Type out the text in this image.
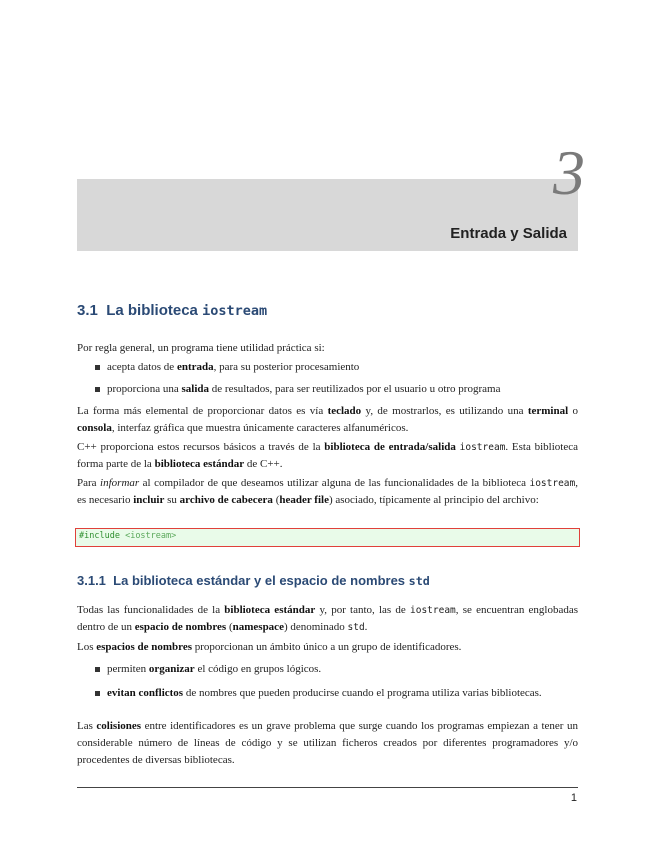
3
Entrada y Salida
3.1 La biblioteca iostream
Por regla general, un programa tiene utilidad práctica si:
acepta datos de entrada, para su posterior procesamiento
proporciona una salida de resultados, para ser reutilizados por el usuario u otro programa
La forma más elemental de proporcionar datos es vía teclado y, de mostrarlos, es utilizando una terminal o consola, interfaz gráfica que muestra únicamente caracteres alfanuméricos.
C++ proporciona estos recursos básicos a través de la biblioteca de entrada/salida iostream. Esta biblioteca forma parte de la biblioteca estándar de C++.
Para informar al compilador de que deseamos utilizar alguna de las funcionalidades de la biblioteca iostream, es necesario incluir su archivo de cabecera (header file) asociado, típicamente al principio del archivo:
#include <iostream>
3.1.1 La biblioteca estándar y el espacio de nombres std
Todas las funcionalidades de la biblioteca estándar y, por tanto, las de iostream, se encuentran englobadas dentro de un espacio de nombres (namespace) denominado std.
Los espacios de nombres proporcionan un ámbito único a un grupo de identificadores.
permiten organizar el código en grupos lógicos.
evitan conflictos de nombres que pueden producirse cuando el programa utiliza varias bibliotecas.
Las colisiones entre identificadores es un grave problema que surge cuando los programas empiezan a tener un considerable número de líneas de código y se utilizan ficheros creados por diferentes programadores y/o procedentes de diversas bibliotecas.
1
